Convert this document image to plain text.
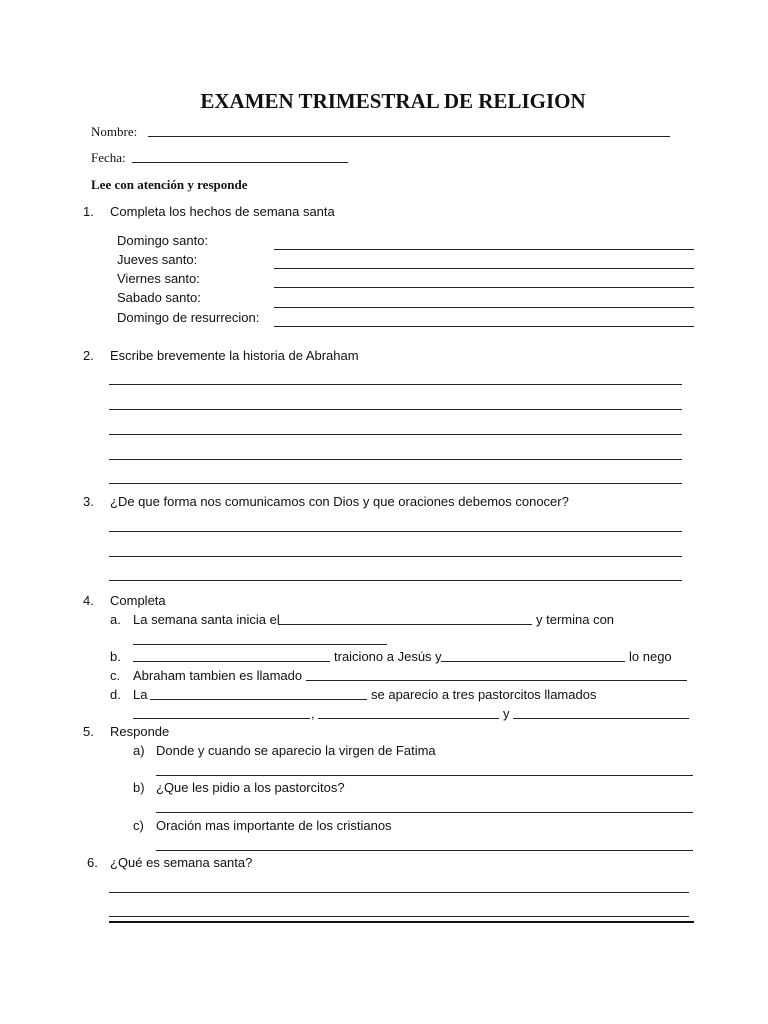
EXAMEN TRIMESTRAL DE RELIGION
Nombre:
Fecha:
Lee con atención y responde
1. Completa los hechos de semana santa
Domingo santo:
Jueves santo:
Viernes santo:
Sabado santo:
Domingo de resurrecion:
2. Escribe brevemente la historia de Abraham
3. ¿De que forma nos comunicamos con Dios y que oraciones debemos conocer?
4. Completa
a. La semana santa inicia el	y termina con
b.	traiciono a Jesús y	lo nego
c. Abraham tambien es llamado
d. La	se aparecio a tres pastorcitos llamados
,	y
5. Responde
a) Donde y cuando se aparecio la virgen de Fatima
b) ¿Que les pidio a los pastorcitos?
c) Oración mas importante de los cristianos
6. ¿Qué es semana santa?
